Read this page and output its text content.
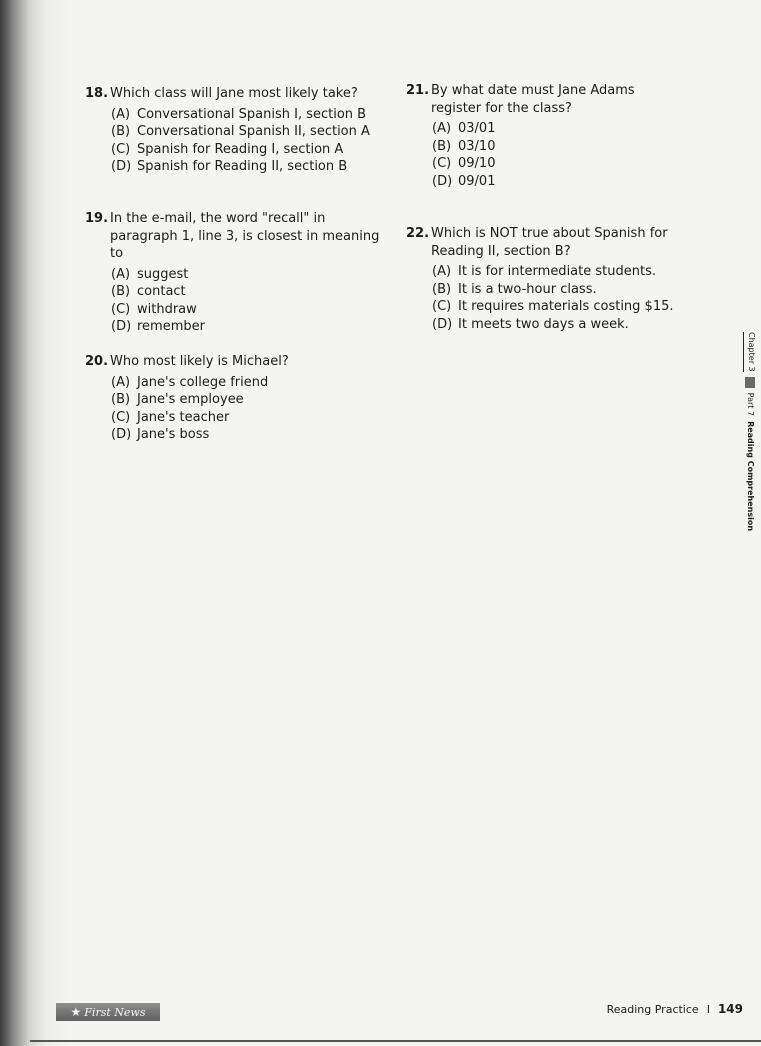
18. Which class will Jane most likely take?
(A) Conversational Spanish I, section B
(B) Conversational Spanish II, section A
(C) Spanish for Reading I, section A
(D) Spanish for Reading II, section B
19. In the e-mail, the word "recall" in paragraph 1, line 3, is closest in meaning to
(A) suggest
(B) contact
(C) withdraw
(D) remember
20. Who most likely is Michael?
(A) Jane's college friend
(B) Jane's employee
(C) Jane's teacher
(D) Jane's boss
21. By what date must Jane Adams register for the class?
(A) 03/01
(B) 03/10
(C) 09/10
(D) 09/01
22. Which is NOT true about Spanish for Reading II, section B?
(A) It is for intermediate students.
(B) It is a two-hour class.
(C) It requires materials costing $15.
(D) It meets two days a week.
Chapter 3
Part 7
Reading Comprehension
★ First News	Reading Practice I 149
